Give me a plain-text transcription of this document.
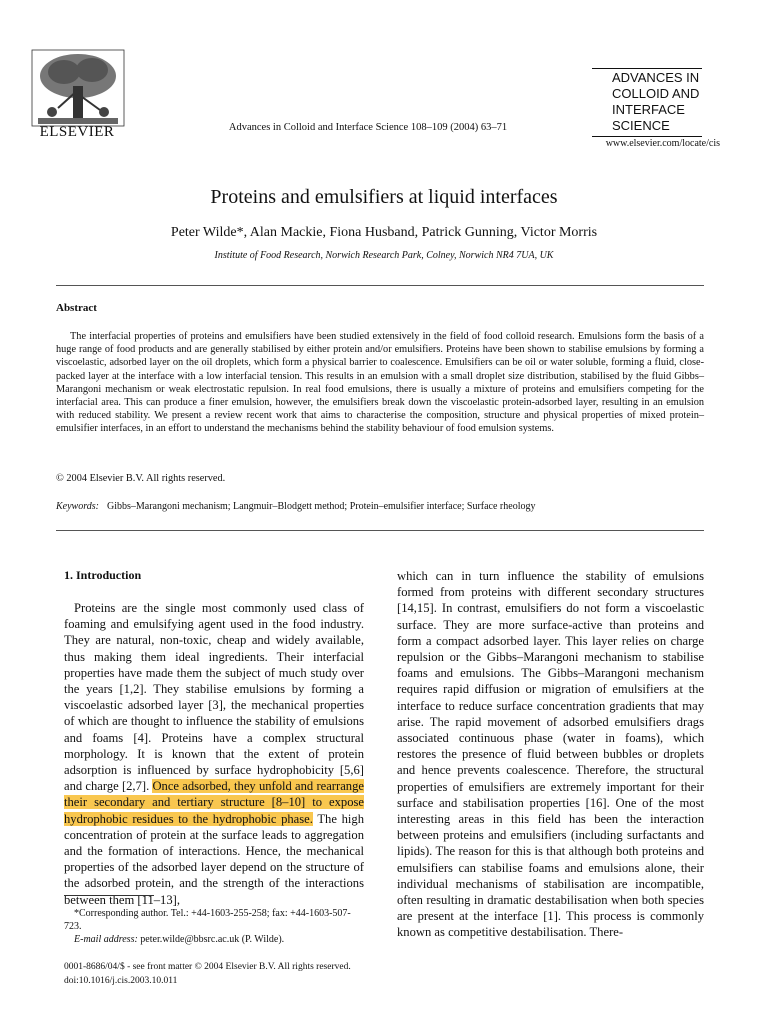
ELSEVIER	Advances in Colloid and Interface Science 108–109 (2004) 63–71
ADVANCES IN
COLLOID AND
INTERFACE
SCIENCE
www.elsevier.com/locate/cis
Proteins and emulsifiers at liquid interfaces
Peter Wilde*, Alan Mackie, Fiona Husband, Patrick Gunning, Victor Morris
Institute of Food Research, Norwich Research Park, Colney, Norwich NR4 7UA, UK
Abstract
The interfacial properties of proteins and emulsifiers have been studied extensively in the field of food colloid research. Emulsions form the basis of a huge range of food products and are generally stabilised by either protein and/or emulsifiers. Proteins have been shown to stabilise emulsions by forming a viscoelastic, adsorbed layer on the oil droplets, which form a physical barrier to coalescence. Emulsifiers can be oil or water soluble, forming a fluid, close-packed layer at the interface with a low interfacial tension. This results in an emulsion with a small droplet size distribution, stabilised by the fluid Gibbs–Marangoni mechanism or weak electrostatic repulsion. In real food emulsions, there is usually a mixture of proteins and emulsifiers competing for the interfacial area. This can produce a finer emulsion, however, the emulsifiers break down the viscoelastic protein-adsorbed layer, resulting in an emulsion with reduced stability. We present a review recent work that aims to characterise the composition, structure and physical properties of mixed protein–emulsifier interfaces, in an effort to understand the mechanisms behind the stability behaviour of food emulsion systems.
© 2004 Elsevier B.V. All rights reserved.
Keywords: Gibbs–Marangoni mechanism; Langmuir–Blodgett method; Protein–emulsifier interface; Surface rheology
1. Introduction
Proteins are the single most commonly used class of foaming and emulsifying agent used in the food industry. They are natural, non-toxic, cheap and widely available, thus making them ideal ingredients. Their interfacial properties have made them the subject of much study over the years [1,2]. They stabilise emulsions by forming a viscoelastic adsorbed layer [3], the mechanical properties of which are thought to influence the stability of emulsions and foams [4]. Proteins have a complex structural morphology. It is known that the extent of protein adsorption is influenced by surface hydrophobicity [5,6] and charge [2,7]. Once adsorbed, they unfold and rearrange their secondary and tertiary structure [8–10] to expose hydrophobic residues to the hydrophobic phase. The high concentration of protein at the surface leads to aggregation and the formation of interactions. Hence, the mechanical properties of the adsorbed layer depend on the structure of the adsorbed protein, and the strength of the interactions between them [11–13],
which can in turn influence the stability of emulsions formed from proteins with different secondary structures [14,15]. In contrast, emulsifiers do not form a viscoelastic surface. They are more surface-active than proteins and form a compact adsorbed layer. This layer relies on charge repulsion or the Gibbs–Marangoni mechanism to stabilise foams and emulsions. The Gibbs–Marangoni mechanism requires rapid diffusion or migration of emulsifiers at the interface to reduce surface concentration gradients that may arise. The rapid movement of adsorbed emulsifiers drags associated continuous phase (water in foams), which restores the presence of fluid between bubbles or droplets and hence prevents coalescence. Therefore, the structural properties of emulsifiers are extremely important for their surface and stabilisation properties [16]. One of the most interesting areas in this field has been the interaction between proteins and emulsifiers (including surfactants and lipids). The reason for this is that although both proteins and emulsifiers can stabilise foams and emulsions alone, their individual mechanisms of stabilisation are incompatible, often resulting in dramatic destabilisation when both species are present at the interface [1]. This process is commonly known as competitive destabilisation. There-
*Corresponding author. Tel.: +44-1603-255-258; fax: +44-1603-507-723.
E-mail address: peter.wilde@bbsrc.ac.uk (P. Wilde).
0001-8686/04/$ - see front matter © 2004 Elsevier B.V. All rights reserved.
doi:10.1016/j.cis.2003.10.011
